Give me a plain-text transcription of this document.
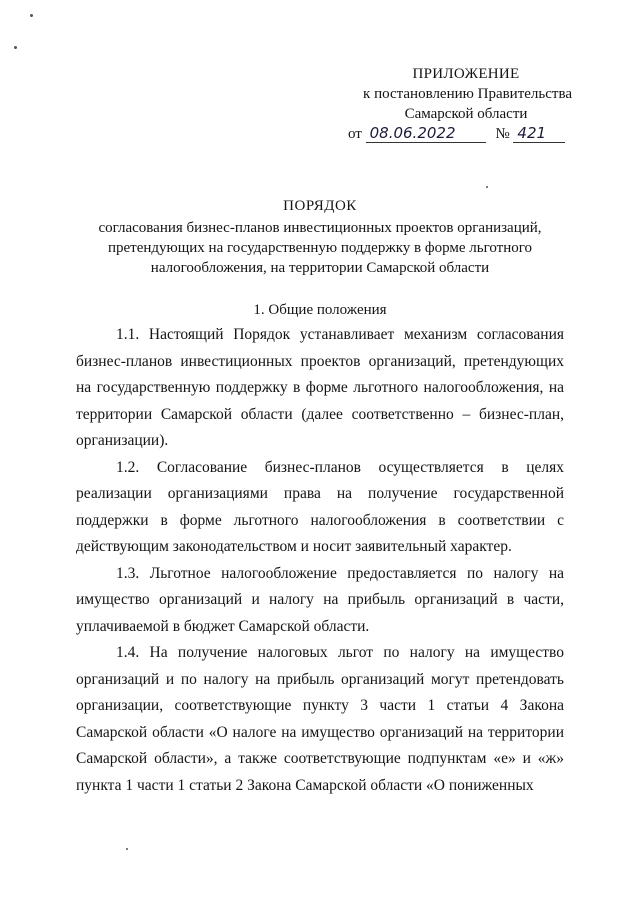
ПРИЛОЖЕНИЕ
к постановлению Правительства
Самарской области
от 08.06.2022	№ 421
ПОРЯДОК
согласования бизнес-планов инвестиционных проектов организаций,
претендующих на государственную поддержку в форме льготного
налогообложения, на территории Самарской области
1. Общие положения

1.1. Настоящий Порядок устанавливает механизм согласования бизнес-планов инвестиционных проектов организаций, претендующих на государственную поддержку в форме льготного налогообложения, на территории Самарской области (далее соответственно – бизнес-план, организации).

1.2. Согласование бизнес-планов осуществляется в целях реализации организациями права на получение государственной поддержки в форме льготного налогообложения в соответствии с действующим законодательством и носит заявительный характер.

1.3. Льготное налогообложение предоставляется по налогу на имущество организаций и налогу на прибыль организаций в части, уплачиваемой в бюджет Самарской области.

1.4. На получение налоговых льгот по налогу на имущество организаций и по налогу на прибыль организаций могут претендовать организации, соответствующие пункту 3 части 1 статьи 4 Закона Самарской области «О налоге на имущество организаций на территории Самарской области», а также соответствующие подпунктам «е» и «ж» пункта 1 части 1 статьи 2 Закона Самарской области «О пониженных
